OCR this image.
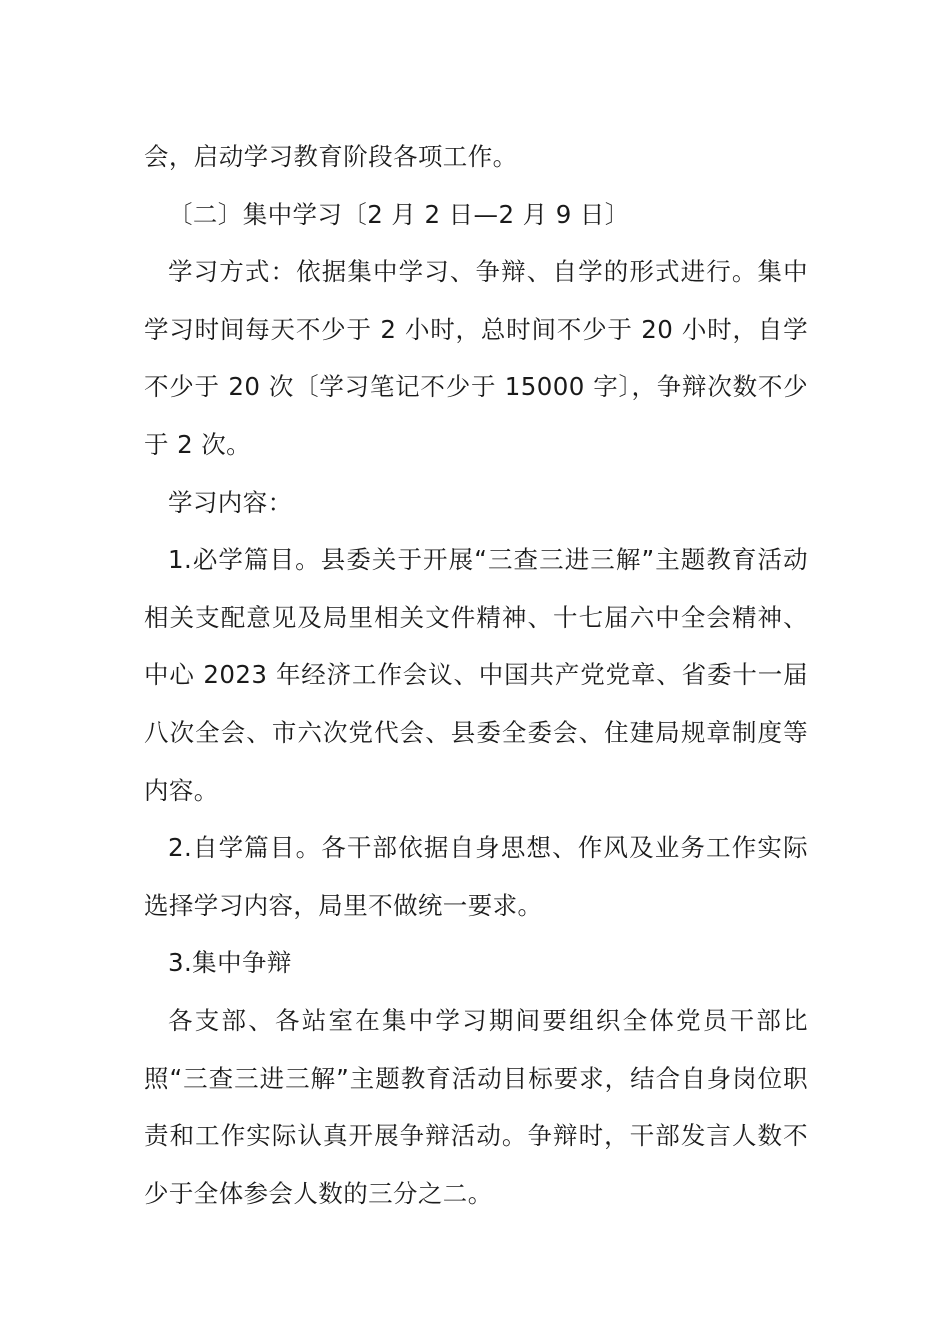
会，启动学习教育阶段各项工作。

〔二〕集中学习〔2 月 2 日—2 月 9 日〕

学习方式：依据集中学习、争辩、自学的形式进行。集中学习时间每天不少于 2 小时，总时间不少于 20 小时，自学不少于 20 次〔学习笔记不少于 15000 字〕，争辩次数不少于 2 次。

学习内容：

1.必学篇目。县委关于开展“三查三进三解”主题教育活动相关支配意见及局里相关文件精神、十七届六中全会精神、中心 2023 年经济工作会议、中国共产党党章、省委十一届八次全会、市六次党代会、县委全委会、住建局规章制度等内容。

2.自学篇目。各干部依据自身思想、作风及业务工作实际选择学习内容，局里不做统一要求。

3.集中争辩

各支部、各站室在集中学习期间要组织全体党员干部比照“三查三进三解”主题教育活动目标要求，结合自身岗位职责和工作实际认真开展争辩活动。争辩时，干部发言人数不少于全体参会人数的三分之二。
